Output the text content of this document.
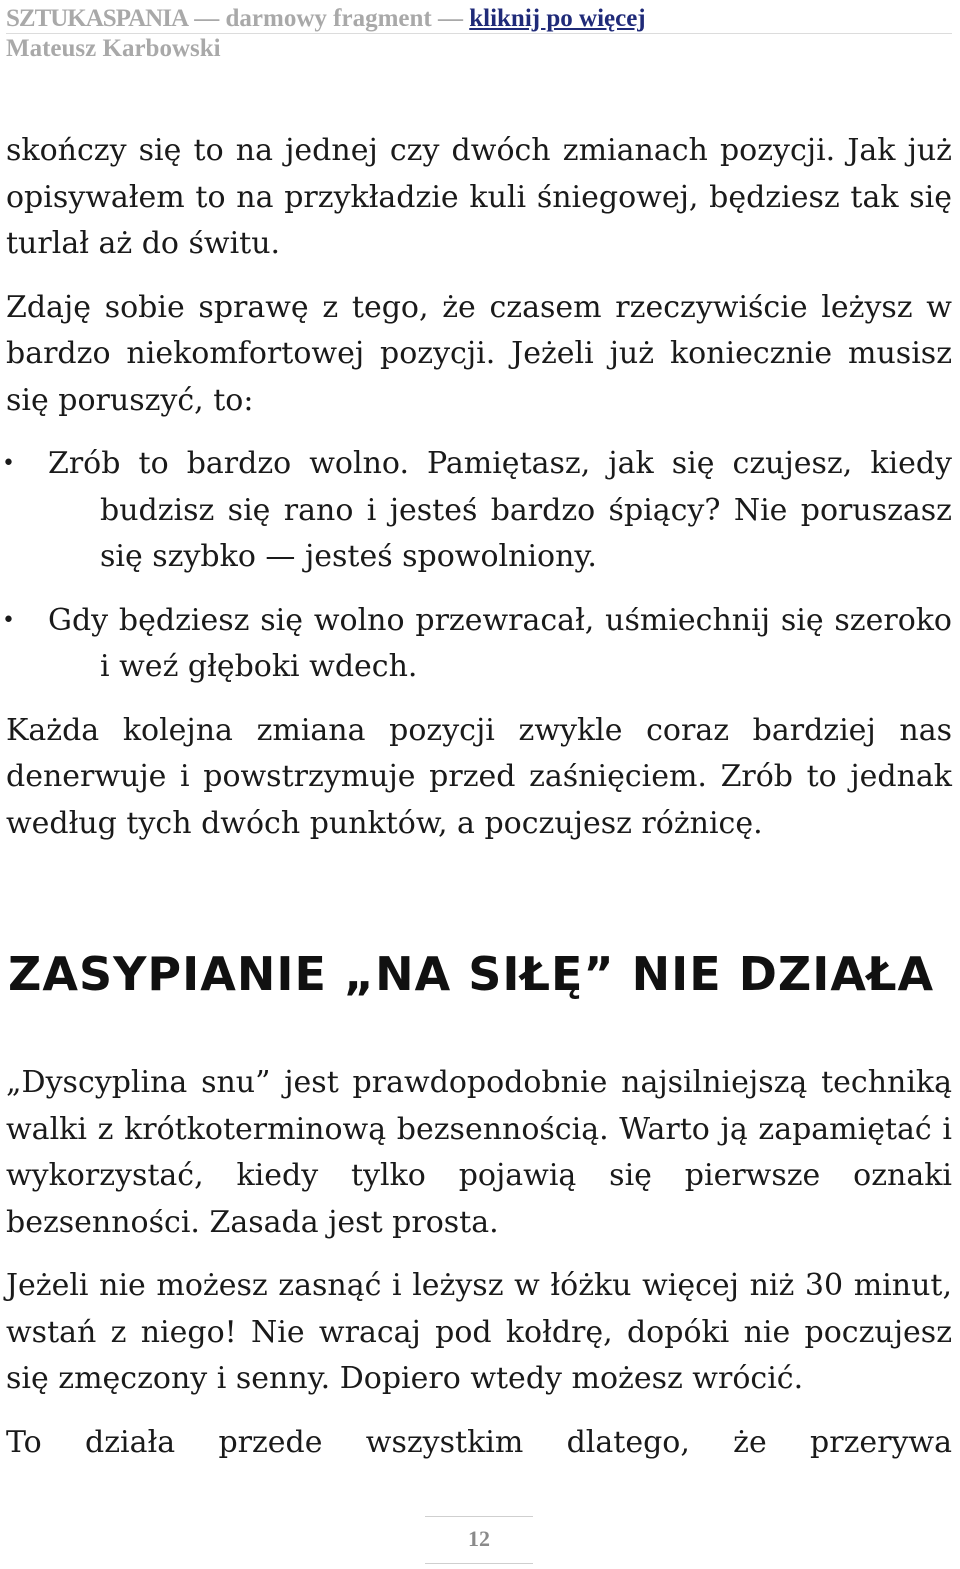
SZTUKASPANIA — darmowy fragment — kliknij po więcej
Mateusz Karbowski

skończy się to na jednej czy dwóch zmianach pozycji. Jak już opisywałem to na przykładzie kuli śniegowej, będziesz tak się turlał aż do świtu.

Zdaję sobie sprawę z tego, że czasem rzeczywiście leżysz w bardzo niekomfortowej pozycji. Jeżeli już koniecznie musisz się poruszyć, to:

• Zrób to bardzo wolno. Pamiętasz, jak się czujesz, kiedy budzisz się rano i jesteś bardzo śpiący? Nie poruszasz się szybko — jesteś spowolniony.
• Gdy będziesz się wolno przewracał, uśmiechnij się szeroko i weź głęboki wdech.

Każda kolejna zmiana pozycji zwykle coraz bardziej nas denerwuje i powstrzymuje przed zaśnięciem. Zrób to jednak według tych dwóch punktów, a poczujesz różnicę.

ZASYPIANIE „NA SIŁĘ” NIE DZIAŁA

„Dyscyplina snu” jest prawdopodobnie najsilniejszą techniką walki z krótkoterminową bezsennością. Warto ją zapamiętać i wykorzystać, kiedy tylko pojawią się pierwsze oznaki bezsenności. Zasada jest prosta.

Jeżeli nie możesz zasnąć i leżysz w łóżku więcej niż 30 minut, wstań z niego! Nie wracaj pod kołdrę, dopóki nie poczujesz się zmęczony i senny. Dopiero wtedy możesz wrócić.

To działa przede wszystkim dlatego, że przerywa

12
